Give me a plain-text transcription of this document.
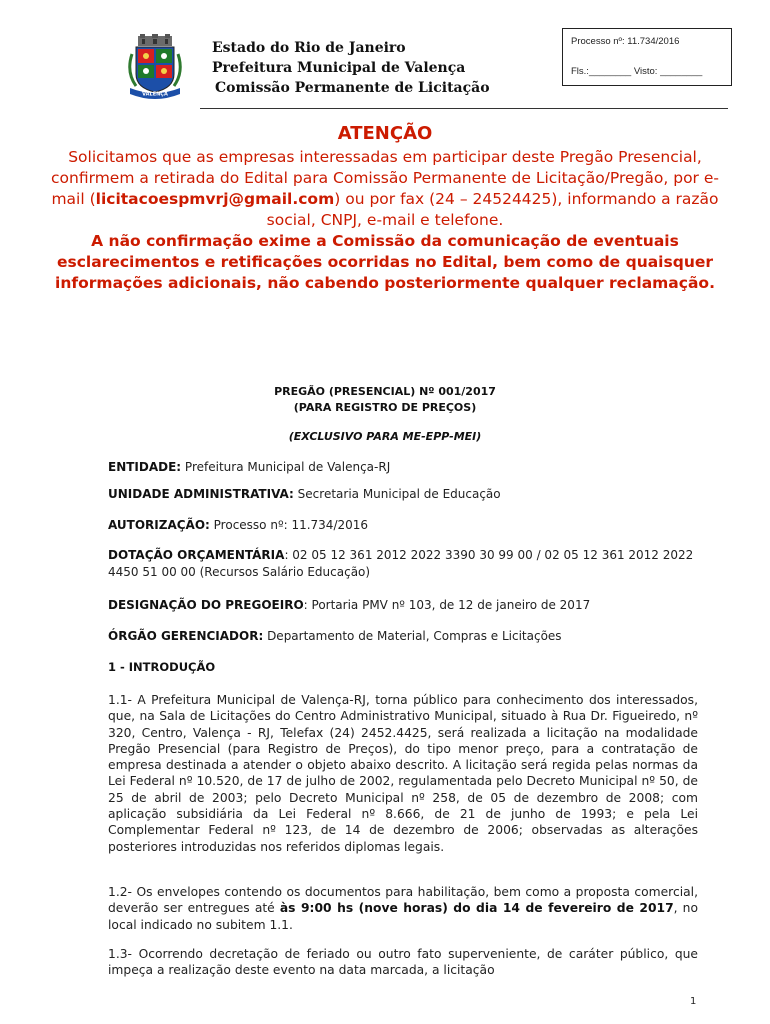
VALENÇA
Estado do Rio de Janeiro
Prefeitura Municipal de Valença
Comissão Permanente de Licitação
Processo nº: 11.734/2016
Fls.:________ Visto: ________
ATENÇÃO
Solicitamos que as empresas interessadas em participar deste Pregão Presencial, confirmem a retirada do Edital para Comissão Permanente de Licitação/Pregão, por e-mail (licitacoespmvrj@gmail.com) ou por fax (24 – 24524425), informando a razão social, CNPJ, e-mail e telefone.
A não confirmação exime a Comissão da comunicação de eventuais esclarecimentos e retificações ocorridas no Edital, bem como de quaisquer informações adicionais, não cabendo posteriormente qualquer reclamação.
PREGÃO (PRESENCIAL) Nº 001/2017
(PARA REGISTRO DE PREÇOS)
(EXCLUSIVO PARA ME-EPP-MEI)
ENTIDADE: Prefeitura Municipal de Valença-RJ
UNIDADE ADMINISTRATIVA: Secretaria Municipal de Educação
AUTORIZAÇÃO: Processo nº: 11.734/2016
DOTAÇÃO ORÇAMENTÁRIA: 02 05 12 361 2012 2022 3390 30 99 00 / 02 05 12 361 2012 2022 4450 51 00 00 (Recursos Salário Educação)
DESIGNAÇÃO DO PREGOEIRO: Portaria PMV nº 103, de 12 de janeiro de 2017
ÓRGÃO GERENCIADOR: Departamento de Material, Compras e Licitações
1 - INTRODUÇÃO
1.1- A Prefeitura Municipal de Valença-RJ, torna público para conhecimento dos interessados, que, na Sala de Licitações do Centro Administrativo Municipal, situado à Rua Dr. Figueiredo, nº 320, Centro, Valença - RJ, Telefax (24) 2452.4425, será realizada a licitação na modalidade Pregão Presencial (para Registro de Preços), do tipo menor preço, para a contratação de empresa destinada a atender o objeto abaixo descrito. A licitação será regida pelas normas da Lei Federal nº 10.520, de 17 de julho de 2002, regulamentada pelo Decreto Municipal nº 50, de 25 de abril de 2003; pelo Decreto Municipal nº 258, de 05 de dezembro de 2008; com aplicação subsidiária da Lei Federal nº 8.666, de 21 de junho de 1993; e pela Lei Complementar Federal nº 123, de 14 de dezembro de 2006; observadas as alterações posteriores introduzidas nos referidos diplomas legais.
1.2- Os envelopes contendo os documentos para habilitação, bem como a proposta comercial, deverão ser entregues até às 9:00 hs (nove horas) do dia 14 de fevereiro de 2017, no local indicado no subitem 1.1.
1.3- Ocorrendo decretação de feriado ou outro fato superveniente, de caráter público, que impeça a realização deste evento na data marcada, a licitação
1
